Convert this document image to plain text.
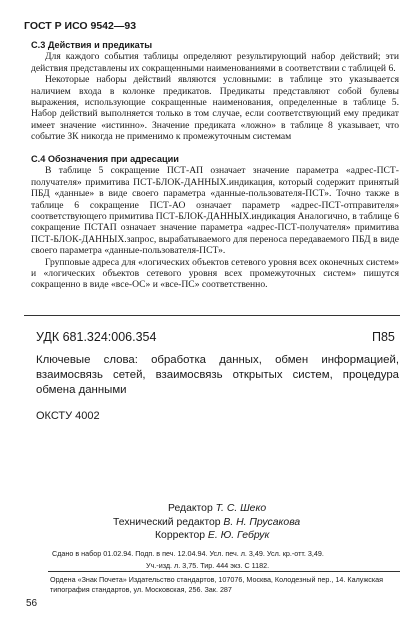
ГОСТ Р ИСО 9542—93
C.3 Действия и предикаты

Для каждого события таблицы определяют результирующий набор действий; эти действия представлены их сокращенными наименованиями в соответствии с таблицей 6.

Некоторые наборы действий являются условными: в таблице это указывается наличием входа в колонке предикатов. Предикаты представляют собой булевы выражения, использующие сокращенные наименования, определенные в таблице 5. Набор действий выполняется только в том случае, если соответствующий ему предикат имеет значение «истинно». Значение предиката «ложно» в таблице 8 указывает, что событие ЗК никогда не применимо к промежуточным системам

C.4 Обозначения при адресации

В таблице 5 сокращение ПСТ-АП означает значение параметра «адрес-ПСТ-получателя» примитива ПСТ-БЛОК-ДАННЫХ.индикация, который содержит принятый ПБД «данные» в виде своего параметра «данные-пользователя-ПСТ». Точно также в таблице 6 сокращение ПСТ-АО означает параметр «адрес-ПСТ-отправителя» соответствующего примитива ПСТ-БЛОК-ДАННЫХ.индикация Аналогично, в таблице 6 сокращение ПСТАП означает значение параметра «адрес-ПСТ-получателя» примитива ПСТ-БЛОК-ДАННЫХ.запрос, вырабатываемого для переноса передаваемого ПБД в виде своего параметра «данные-пользователя-ПСТ».

Групповые адреса для «логических объектов сетевого уровня всех оконечных систем» и «логических объектов сетевого уровня всех промежуточных систем» пишутся сокращенно в виде «все-ОС» и «все-ПС» соответственно.

УДК 681.324:006.354	П85
Ключевые слова: обработка данных, обмен информацией, взаимосвязь сетей, взаимосвязь открытых систем, процедура обмена данными
ОКСТУ 4002
Редактор Т. С. Шеко
Технический редактор В. Н. Прусакова
Корректор Е. Ю. Гебрук
Сдано в набор 01.02.94. Подп. в печ. 12.04.94. Усл. печ. л. 3,49. Усл. кр.-отт. 3,49.
Уч.-изд. л. 3,75. Тир. 444 экз. С 1182.
Ордена «Знак Почета» Издательство стандартов, 107076, Москва, Колодезный пер., 14. Калужская типография стандартов, ул. Московская, 256. Зак. 287
56
